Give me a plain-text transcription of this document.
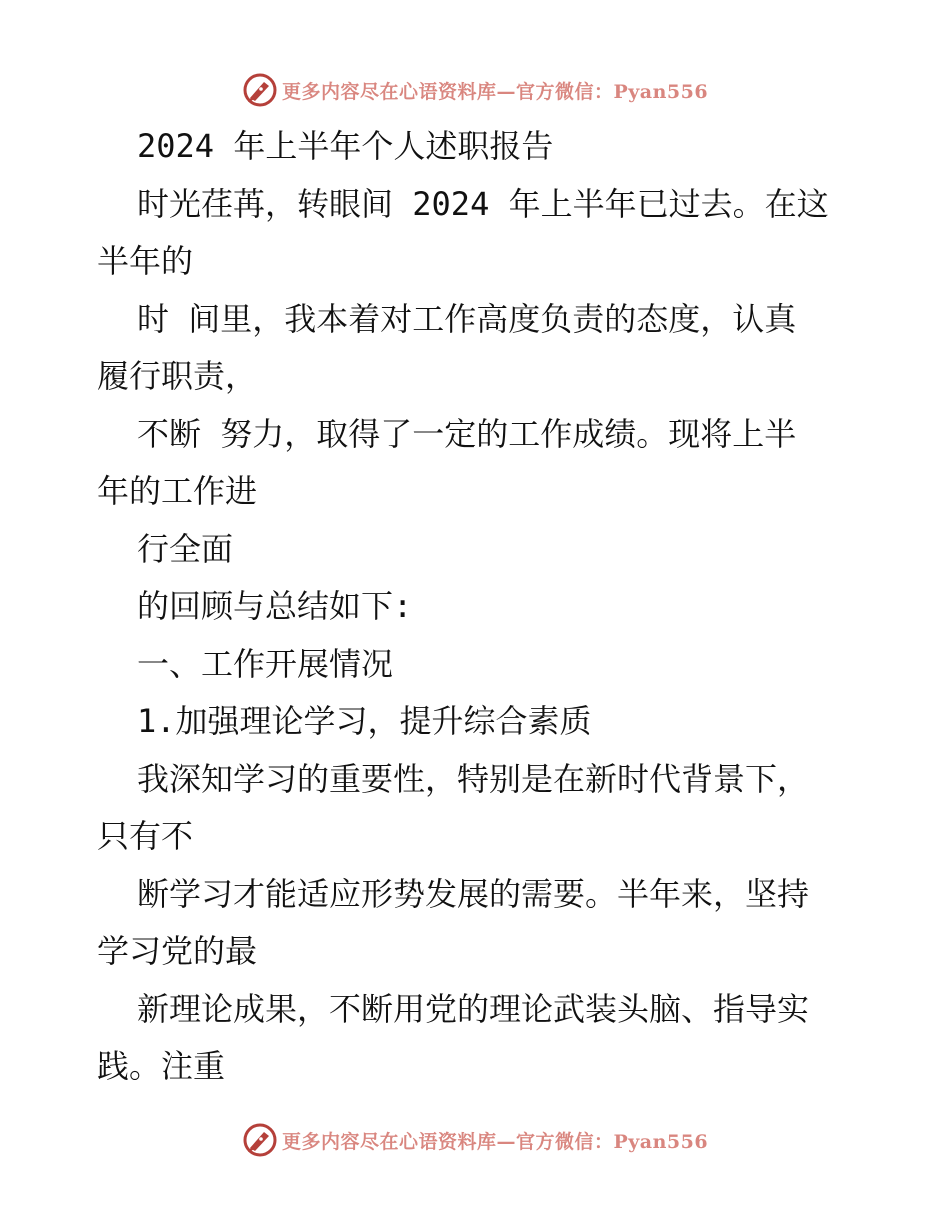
更多内容尽在心语资料库—官方微信：Pyan556
2024 年上半年个人述职报告
时光荏苒，转眼间 2024 年上半年已过去。在这
半年的
时 间里，我本着对工作高度负责的态度，认真
履行职责，
不断 努力，取得了一定的工作成绩。现将上半
年的工作进
行全面
的回顾与总结如下:
一、工作开展情况
1.加强理论学习，提升综合素质
我深知学习的重要性，特别是在新时代背景下，
只有不
断学习才能适应形势发展的需要。半年来，坚持
学习党的最
新理论成果，不断用党的理论武装头脑、指导实
践。注重
更多内容尽在心语资料库—官方微信：Pyan556
